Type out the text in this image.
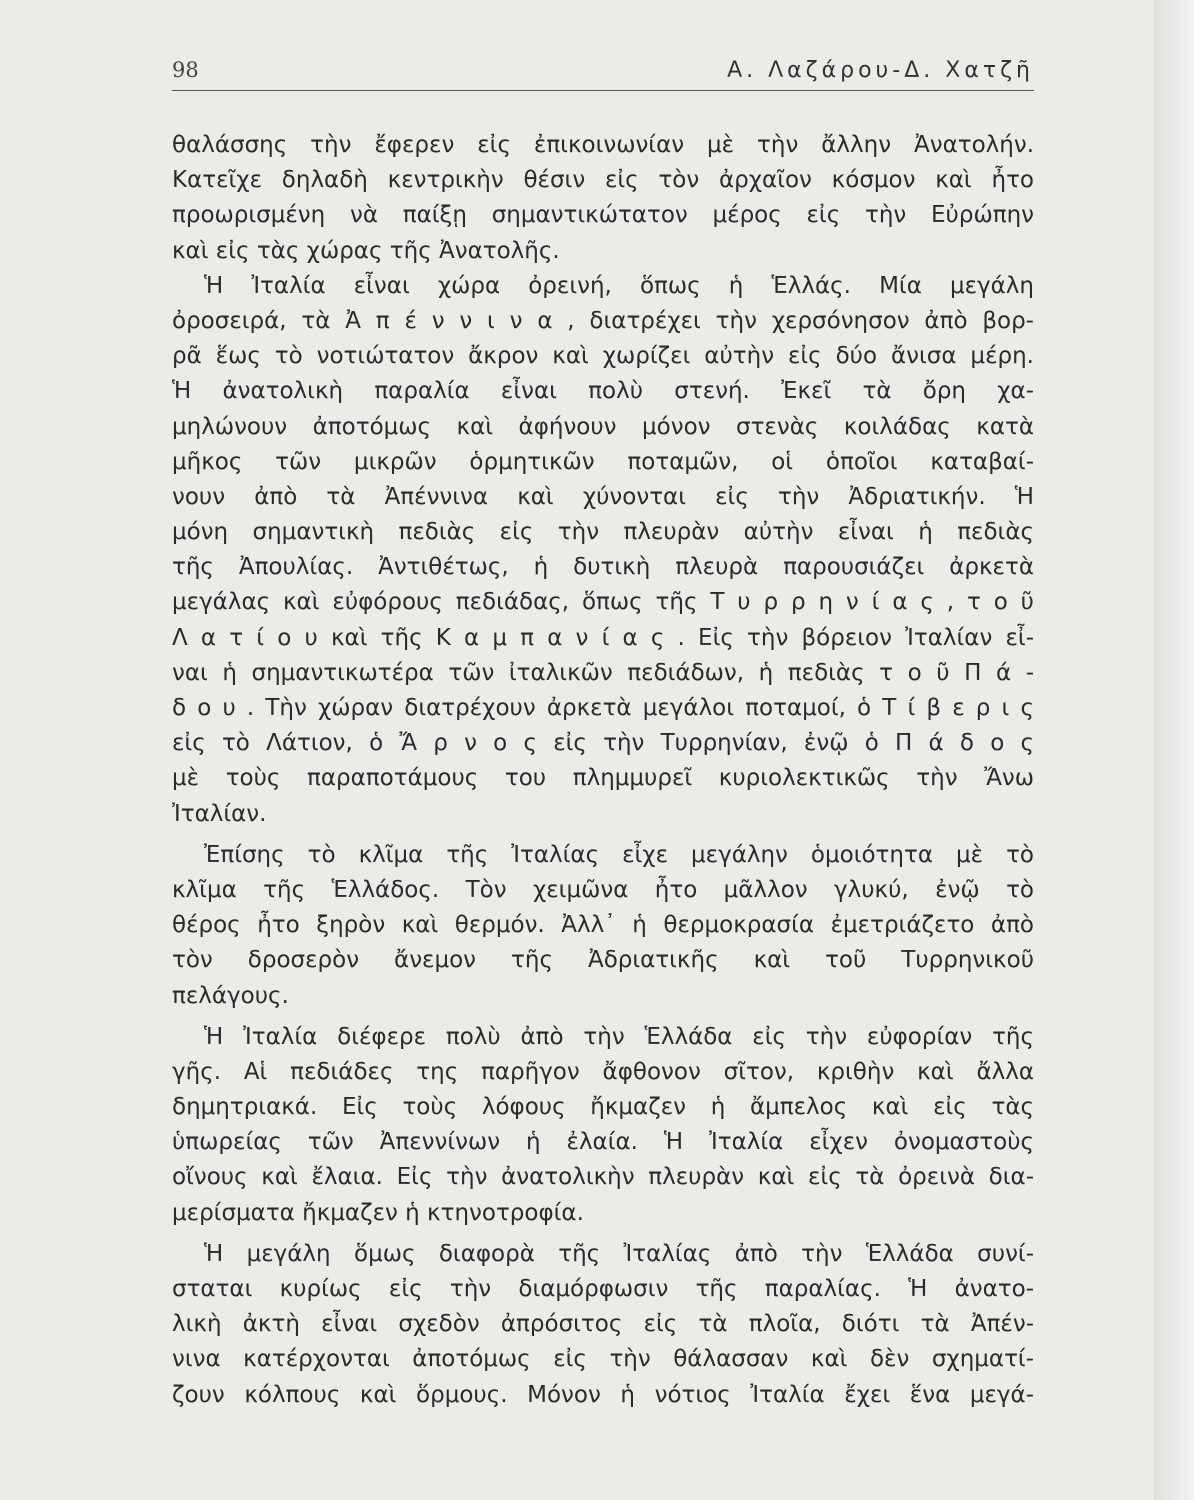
98	Α. Λαζάρου-Δ. Χατζῆ
θαλάσσης τὴν ἔφερεν εἰς ἐπικοινωνίαν μὲ τὴν ἄλλην Ἀνατολήν.
Κατεῖχε δηλαδὴ κεντρικὴν θέσιν εἰς τὸν ἀρχαῖον κόσμον καὶ ἦτο
προωρισμένη νὰ παίξῃ σημαντικώτατον μέρος εἰς τὴν Εὐρώπην
καὶ εἰς τὰς χώρας τῆς Ἀνατολῆς.
Ἡ Ἰταλία εἶναι χώρα ὀρεινή, ὅπως ἡ Ἑλλάς. Μία μεγάλη
ὀροσειρά, τὰ Ἀ π έ ν ν ι ν α , διατρέχει τὴν χερσόνησον ἀπὸ βορ-
ρᾶ ἕως τὸ νοτιώτατον ἄκρον καὶ χωρίζει αὐτὴν εἰς δύο ἄνισα μέρη.
Ἡ ἀνατολικὴ παραλία εἶναι πολὺ στενή. Ἐκεῖ τὰ ὄρη χα-
μηλώνουν ἀποτόμως καὶ ἀφήνουν μόνον στενὰς κοιλάδας κατὰ
μῆκος τῶν μικρῶν ὁρμητικῶν ποταμῶν, οἱ ὁποῖοι καταβαί-
νουν ἀπὸ τὰ Ἀπέννινα καὶ χύνονται εἰς τὴν Ἀδριατικήν. Ἡ
μόνη σημαντικὴ πεδιὰς εἰς τὴν πλευρὰν αὐτὴν εἶναι ἡ πεδιὰς
τῆς Ἀπουλίας. Ἀντιθέτως, ἡ δυτικὴ πλευρὰ παρουσιάζει ἀρκετὰ
μεγάλας καὶ εὐφόρους πεδιάδας, ὅπως τῆς Τ υ ρ ρ η ν ί α ς , τ ο ῦ
Λ α τ ί ο υ καὶ τῆς Κ α μ π α ν ί α ς . Εἰς τὴν βόρειον Ἰταλίαν εἶ-
ναι ἡ σημαντικωτέρα τῶν ἰταλικῶν πεδιάδων, ἡ πεδιὰς τ ο ῦ Π ά -
δ ο υ . Τὴν χώραν διατρέχουν ἀρκετὰ μεγάλοι ποταμοί, ὁ Τ ί β ε ρ ι ς
εἰς τὸ Λάτιον, ὁ Ἄ ρ ν ο ς εἰς τὴν Τυρρηνίαν, ἐνῷ ὁ Π ά δ ο ς
μὲ τοὺς παραποτάμους του πλημμυρεῖ κυριολεκτικῶς τὴν Ἄνω
Ἰταλίαν.
Ἐπίσης τὸ κλῖμα τῆς Ἰταλίας εἶχε μεγάλην ὁμοιότητα μὲ τὸ
κλῖμα τῆς Ἑλλάδος. Τὸν χειμῶνα ἦτο μᾶλλον γλυκύ, ἐνῷ τὸ
θέρος ἦτο ξηρὸν καὶ θερμόν. Ἀλλ᾽ ἡ θερμοκρασία ἐμετριάζετο ἀπὸ
τὸν δροσερὸν ἄνεμον τῆς Ἀδριατικῆς καὶ τοῦ Τυρρηνικοῦ
πελάγους.
Ἡ Ἰταλία διέφερε πολὺ ἀπὸ τὴν Ἑλλάδα εἰς τὴν εὐφορίαν τῆς
γῆς. Αἱ πεδιάδες της παρῆγον ἄφθονον σῖτον, κριθὴν καὶ ἄλλα
δημητριακά. Εἰς τοὺς λόφους ἤκμαζεν ἡ ἄμπελος καὶ εἰς τὰς
ὑπωρείας τῶν Ἀπεννίνων ἡ ἐλαία. Ἡ Ἰταλία εἶχεν ὀνομαστοὺς
οἴνους καὶ ἔλαια. Εἰς τὴν ἀνατολικὴν πλευρὰν καὶ εἰς τὰ ὀρεινὰ δια-
μερίσματα ἤκμαζεν ἡ κτηνοτροφία.
Ἡ μεγάλη ὅμως διαφορὰ τῆς Ἰταλίας ἀπὸ τὴν Ἑλλάδα συνί-
σταται κυρίως εἰς τὴν διαμόρφωσιν τῆς παραλίας. Ἡ ἀνατο-
λικὴ ἀκτὴ εἶναι σχεδὸν ἀπρόσιτος εἰς τὰ πλοῖα, διότι τὰ Ἀπέν-
νινα κατέρχονται ἀποτόμως εἰς τὴν θάλασσαν καὶ δὲν σχηματί-
ζουν κόλπους καὶ ὅρμους. Μόνον ἡ νότιος Ἰταλία ἔχει ἕνα μεγά-
